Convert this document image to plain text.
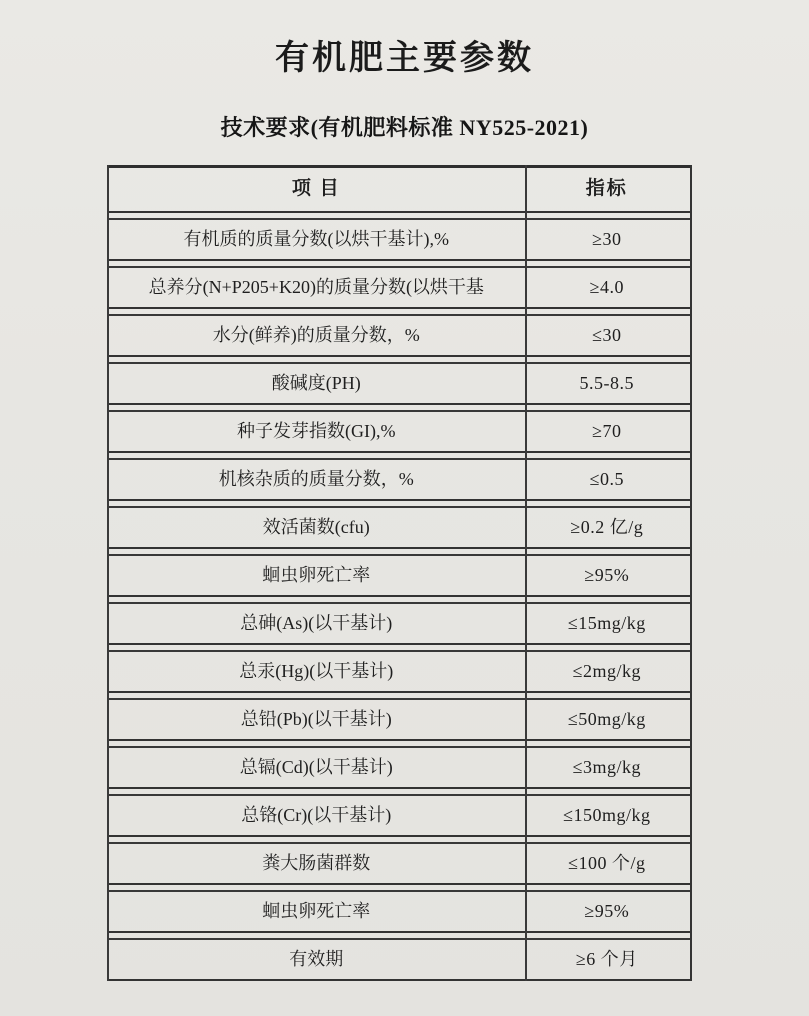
有机肥主要参数
技术要求(有机肥料标准 NY525-2021)
项 目	指标
有机质的质量分数(以烘干基计),%	≥30
总养分(N+P205+K20)的质量分数(以烘干基	≥4.0
水分(鲜养)的质量分数，%	≤30
酸碱度(PH)	5.5-8.5
种子发芽指数(GI),%	≥70
机核杂质的质量分数，%	≤0.5
效活菌数(cfu)	≥0.2 亿/g
蛔虫卵死亡率	≥95%
总砷(As)(以干基计)	≤15mg/kg
总汞(Hg)(以干基计)	≤2mg/kg
总铅(Pb)(以干基计)	≤50mg/kg
总镉(Cd)(以干基计)	≤3mg/kg
总铬(Cr)(以干基计)	≤150mg/kg
粪大肠菌群数	≤100 个/g
蛔虫卵死亡率	≥95%
有效期	≥6 个月
